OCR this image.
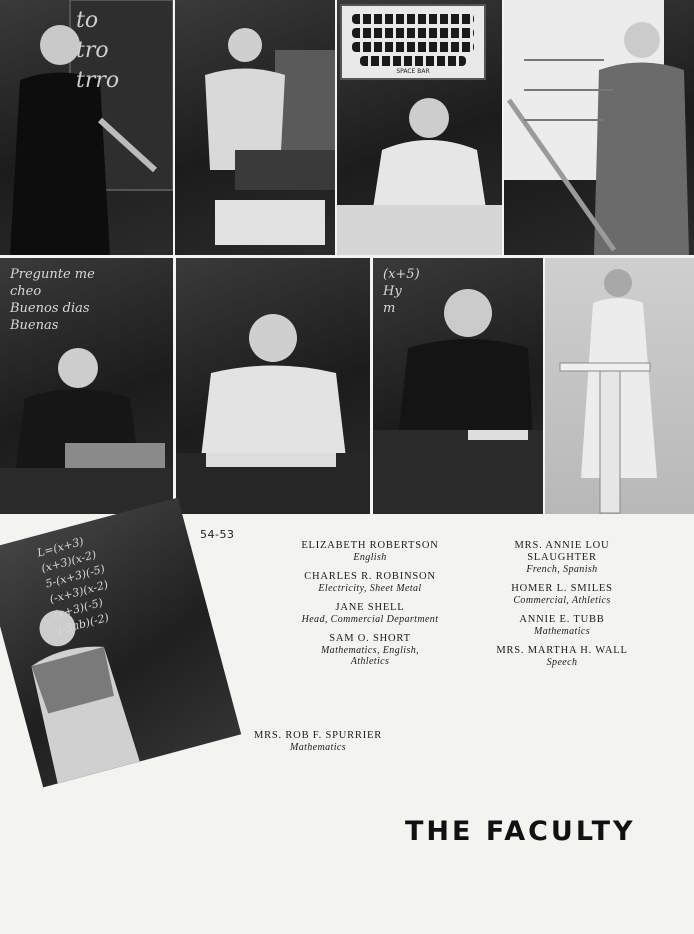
to
tro
trro	SPACE BAR
Pregunte me
cheo
Buenos dias
Buenas
(x+5)
Hy
m
L=(x+3)
(x+3)(x-2)
5-(x+3)(-5)
(-x+3)(x-2)
(x+3)(-5)
(-3ab)(-2)
54-53
ELIZABETH ROBERTSON
English
CHARLES R. ROBINSON
Electricity, Sheet Metal
JANE SHELL
Head, Commercial Department
SAM O. SHORT
Mathematics, English,
Athletics
MRS. ANNIE LOU
SLAUGHTER
French, Spanish
HOMER L. SMILES
Commercial, Athletics
ANNIE E. TUBB
Mathematics
MRS. MARTHA H. WALL
Speech
MRS. ROB F. SPURRIER
Mathematics
THE FACULTY
